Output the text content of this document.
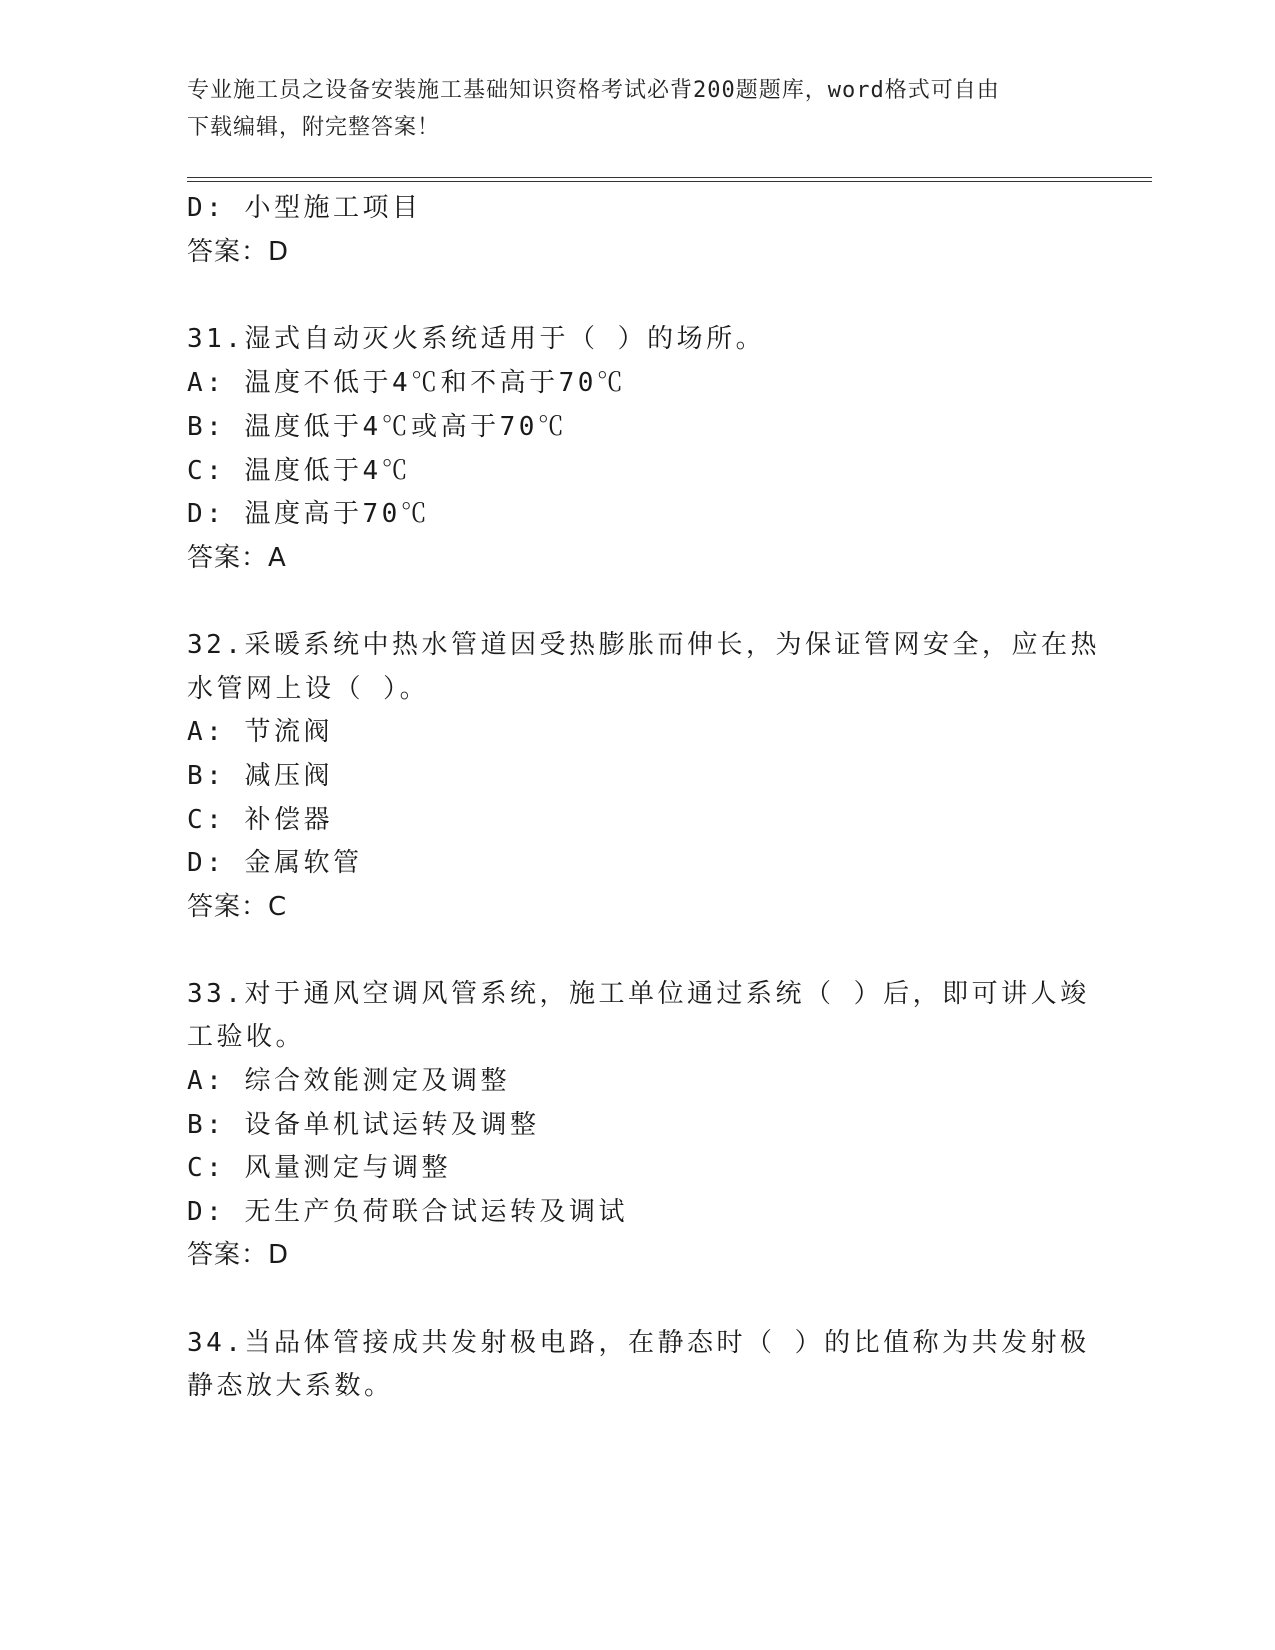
专业施工员之设备安装施工基础知识资格考试必背200题题库，word格式可自由
下载编辑，附完整答案！
D: 小型施工项目
答案：D
31.湿式自动灭火系统适用于（ ）的场所。
A: 温度不低于4℃和不高于70℃
B: 温度低于4℃或高于70℃
C: 温度低于4℃
D: 温度高于70℃
答案：A
32.采暖系统中热水管道因受热膨胀而伸长，为保证管网安全，应在热
水管网上设（ ）。
A: 节流阀
B: 减压阀
C: 补偿器
D: 金属软管
答案：C
33.对于通风空调风管系统，施工单位通过系统（ ）后，即可讲人竣
工验收。
A: 综合效能测定及调整
B: 设备单机试运转及调整
C: 风量测定与调整
D: 无生产负荷联合试运转及调试
答案：D
34.当品体管接成共发射极电路，在静态时（ ）的比值称为共发射极
静态放大系数。
